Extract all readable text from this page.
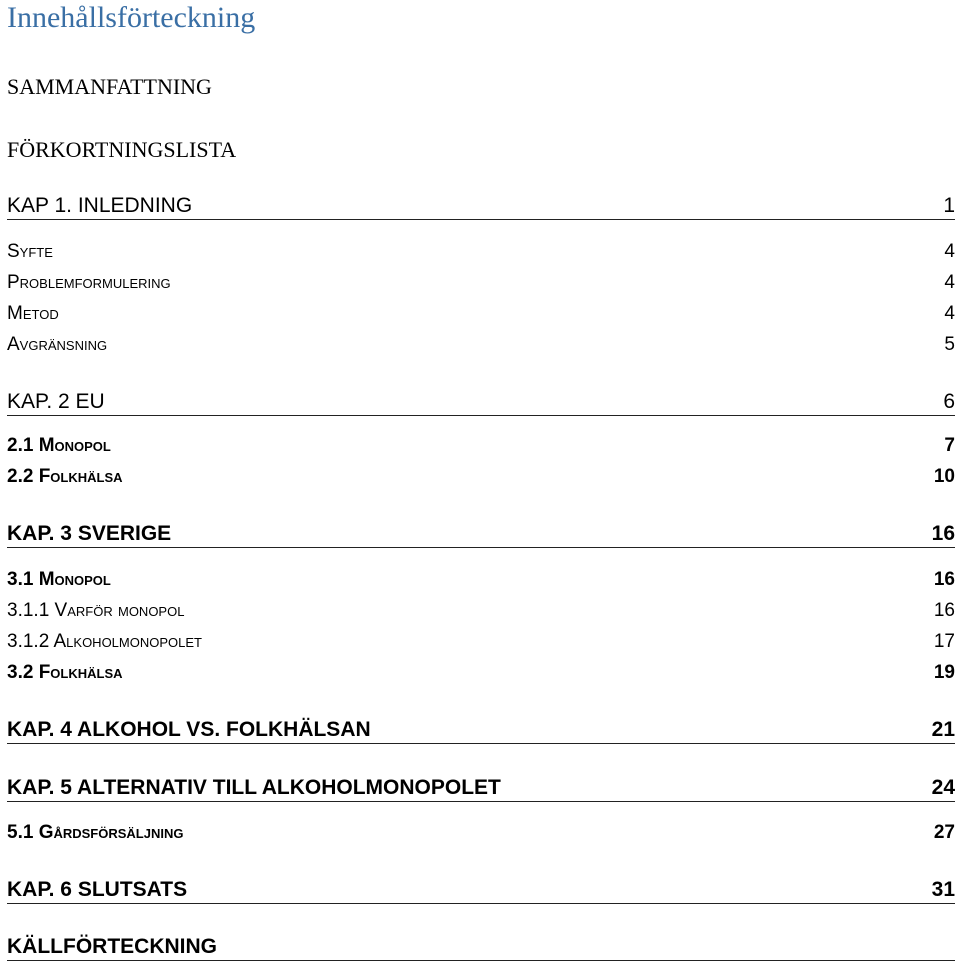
Innehållsförteckning
SAMMANFATTNING
FÖRKORTNINGSLISTA
KAP 1. INLEDNING	1
Syfte	4
Problemformulering	4
Metod	4
Avgränsning	5
KAP. 2 EU	6
2.1 Monopol	7
2.2 Folkhälsa	10
KAP. 3 SVERIGE	16
3.1 Monopol	16
3.1.1 Varför monopol	16
3.1.2 Alkoholmonopolet	17
3.2 Folkhälsa	19
KAP. 4 ALKOHOL VS. FOLKHÄLSAN	21
KAP. 5 ALTERNATIV TILL ALKOHOLMONOPOLET	24
5.1 Gårdsförsäljning	27
KAP. 6 SLUTSATS	31
KÄLLFÖRTECKNING
